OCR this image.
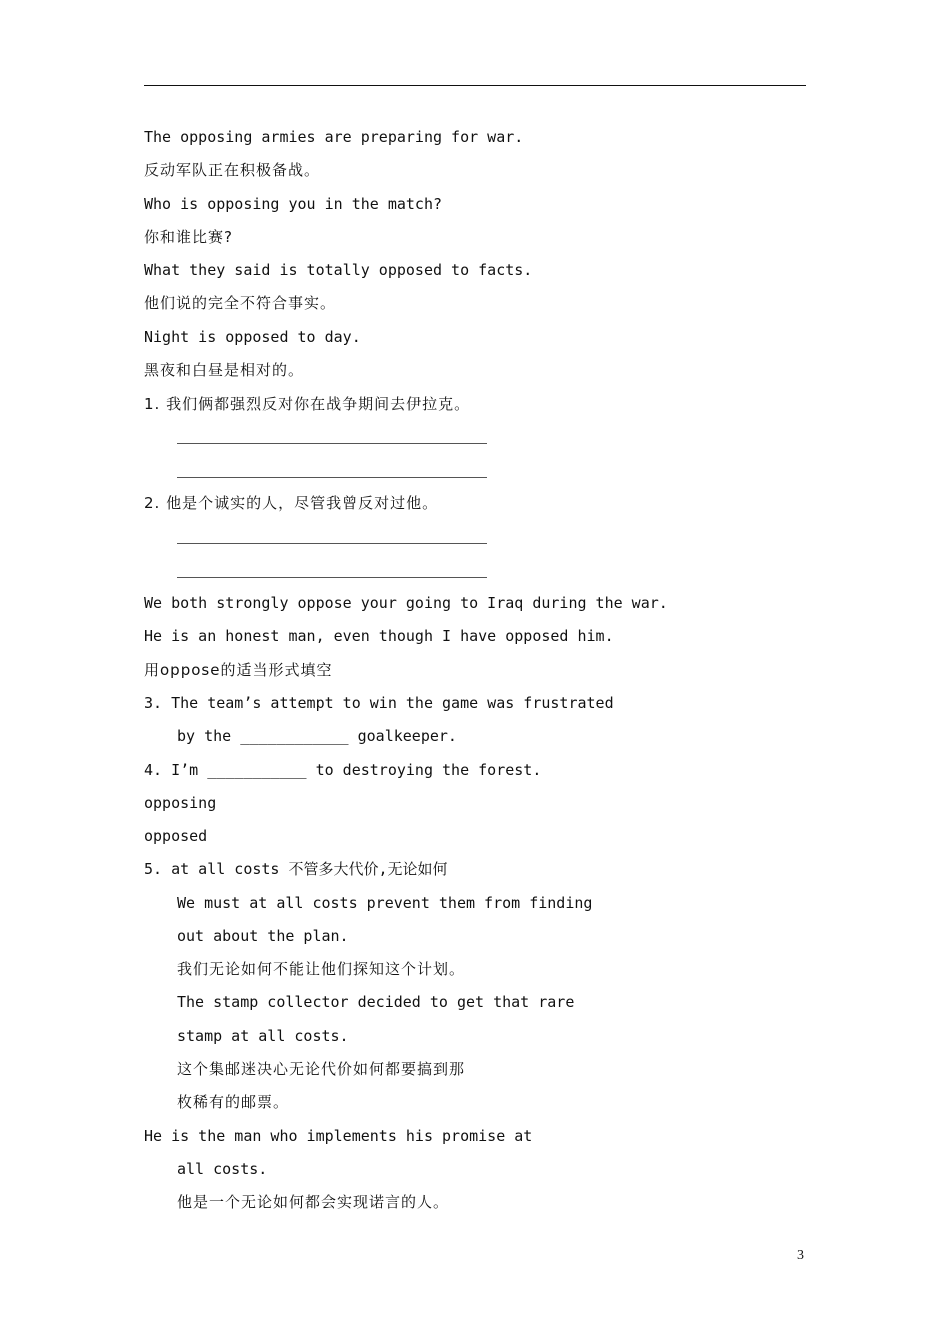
The opposing armies are preparing for war.
反动军队正在积极备战。
Who is opposing you in the match?
你和谁比赛?
What they said is totally opposed to facts.
他们说的完全不符合事实。
Night is opposed to day.
黑夜和白昼是相对的。
1. 我们俩都强烈反对你在战争期间去伊拉克。
2. 他是个诚实的人，尽管我曾反对过他。
We both strongly oppose your going to Iraq during the war.
He is an honest man, even though I have opposed him.
用oppose的适当形式填空
3. The team’s attempt to win the game was frustrated
by the ____________ goalkeeper.
4. I’m ___________ to destroying the forest.
opposing
opposed
5. at all costs 不管多大代价,无论如何
We must at all costs prevent them from finding
out about the plan.
我们无论如何不能让他们探知这个计划。
The stamp collector decided to get that rare
stamp at all costs.
这个集邮迷决心无论代价如何都要搞到那
枚稀有的邮票。
He is the man who implements his promise at
all costs.
他是一个无论如何都会实现诺言的人。
3
